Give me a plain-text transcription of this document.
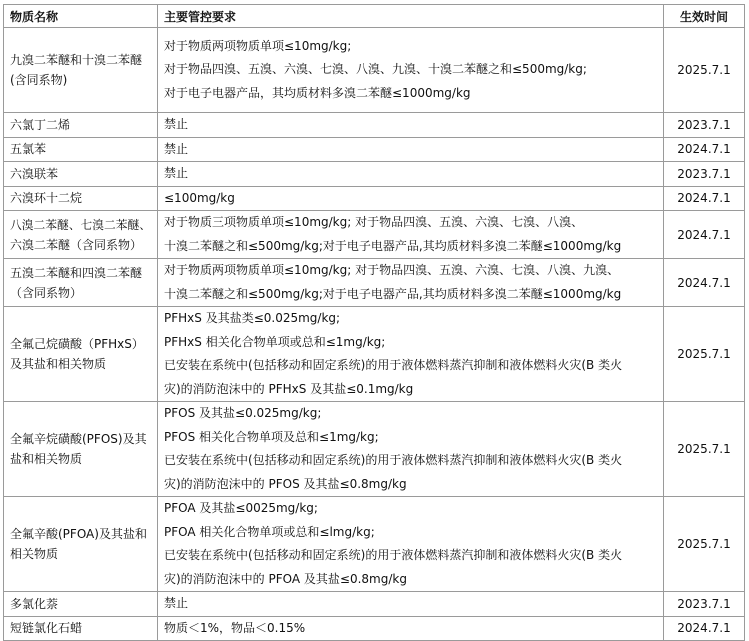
物质名称	主要管控要求	生效时间

九溴二苯醚和十溴二苯醚
(含同系物)	对于物质两项物质单项≤10mg/kg;
对于物品四溴、五溴、六溴、七溴、八溴、九溴、十溴二苯醚之和≤500mg/kg;
对于电子电器产品，其均质材料多溴二苯醚≤1000mg/kg	2025.7.1

六氯丁二烯	禁止	2023.7.1

五氯苯	禁止	2024.7.1

六溴联苯	禁止	2023.7.1

六溴环十二烷	≤100mg/kg	2024.7.1

八溴二苯醚、七溴二苯醚、
六溴二苯醚（含同系物）	对于物质三项物质单项≤10mg/kg; 对于物品四溴、五溴、六溴、七溴、八溴、
十溴二苯醚之和≤500mg/kg;对于电子电器产品,其均质材料多溴二苯醚≤1000mg/kg	2024.7.1

五溴二苯醚和四溴二苯醚
（含同系物）	对于物质两项物质单项≤10mg/kg; 对于物品四溴、五溴、六溴、七溴、八溴、九溴、
十溴二苯醚之和≤500mg/kg;对于电子电器产品,其均质材料多溴二苯醚≤1000mg/kg	2024.7.1

全氟己烷磺酸（PFHxS）
及其盐和相关物质	PFHxS 及其盐类≤0.025mg/kg;
PFHxS 相关化合物单项或总和≤1mg/kg;
已安装在系统中(包括移动和固定系统)的用于液体燃料蒸汽抑制和液体燃料火灾(B 类火
灾)的消防泡沫中的 PFHxS 及其盐≤0.1mg/kg	2025.7.1

全氟辛烷磺酸(PFOS)及其
盐和相关物质	PFOS 及其盐≤0.025mg/kg;
PFOS 相关化合物单项及总和≤1mg/kg;
已安装在系统中(包括移动和固定系统)的用于液体燃料蒸汽抑制和液体燃料火灾(B 类火
灾)的消防泡沫中的 PFOS 及其盐≤0.8mg/kg	2025.7.1

全氟辛酸(PFOA)及其盐和
相关物质	PFOA 及其盐≤0025mg/kg;
PFOA 相关化合物单项或总和≤lmg/kg;
已安装在系统中(包括移动和固定系统)的用于液体燃料蒸汽抑制和液体燃料火灾(B 类火
灾)的消防泡沫中的 PFOA 及其盐≤0.8mg/kg	2025.7.1

多氯化萘	禁止	2023.7.1

短链氯化石蜡	物质＜1%，物品＜0.15%	2024.7.1
